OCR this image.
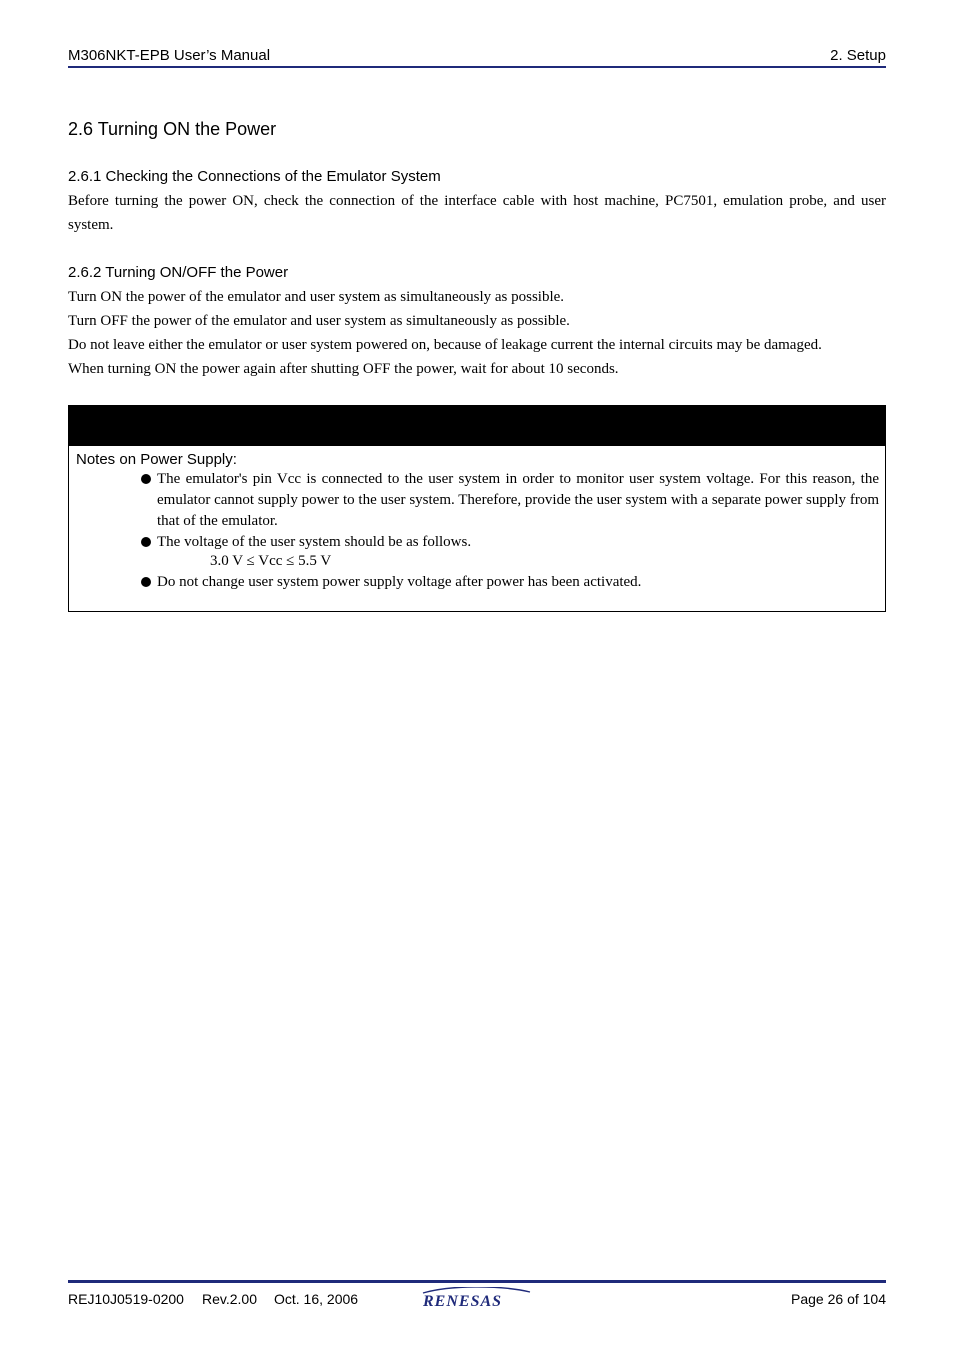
M306NKT-EPB User’s Manual	2. Setup
2.6 Turning ON the Power
2.6.1 Checking the Connections of the Emulator System
Before turning the power ON, check the connection of the interface cable with host machine, PC7501, emulation probe, and user system.
2.6.2 Turning ON/OFF the Power
Turn ON the power of the emulator and user system as simultaneously as possible.
Turn OFF the power of the emulator and user system as simultaneously as possible.
Do not leave either the emulator or user system powered on, because of leakage current the internal circuits may be damaged.
When turning ON the power again after shutting OFF the power, wait for about 10 seconds.
Notes on Power Supply:
The emulator's pin Vcc is connected to the user system in order to monitor user system voltage. For this reason, the emulator cannot supply power to the user system. Therefore, provide the user system with a separate power supply from that of the emulator.
The voltage of the user system should be as follows.
3.0 V ≤ Vcc ≤ 5.5 V
Do not change user system power supply voltage after power has been activated.
REJ10J0519-0200 Rev.2.00 Oct. 16, 2006	RENESAS	Page 26 of 104
